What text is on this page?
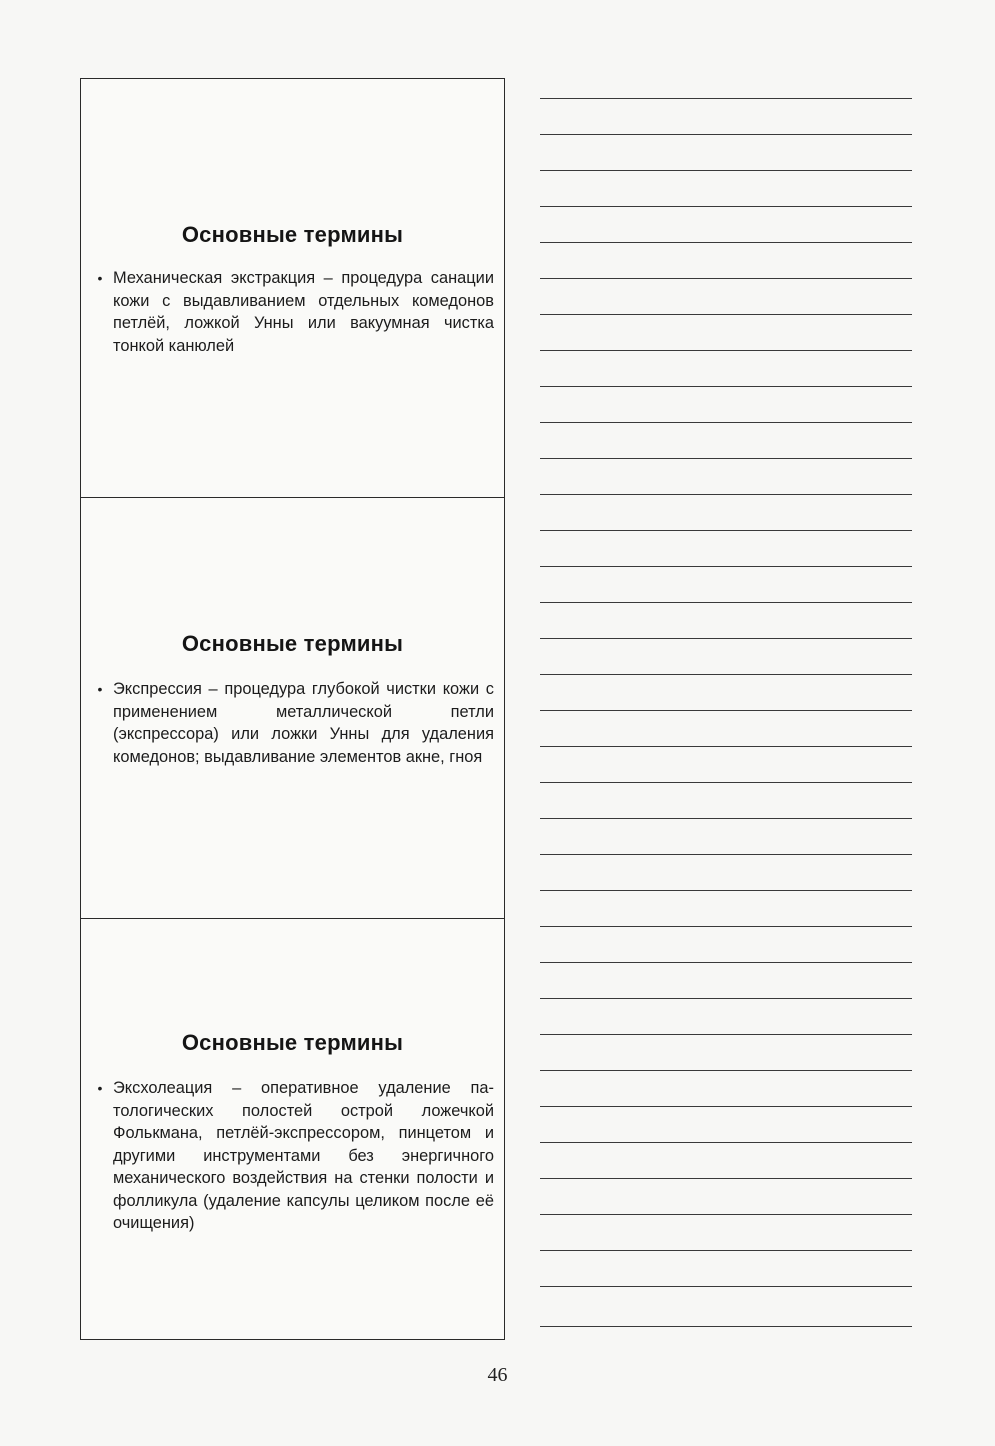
Основные термины
• Механическая экстракция – процедура санации кожи с выдавливанием отдельных комедонов петлёй, ложкой Унны или вакуумная чистка тонкой канюлей
Основные термины
• Экспрессия – процедура глубокой чистки кожи с применением металлической петли (экспрессора) или ложки Унны для удаления комедонов; выдавливание элементов акне, гноя
Основные термины
• Эксхолеация – оперативное удаление патологических полостей острой ложечкой Фолькмана, петлёй-экспрессором, пинцетом и другими инструментами без энергичного механического воздействия на стенки полости и фолликула (удаление капсулы целиком после её очищения)
46
